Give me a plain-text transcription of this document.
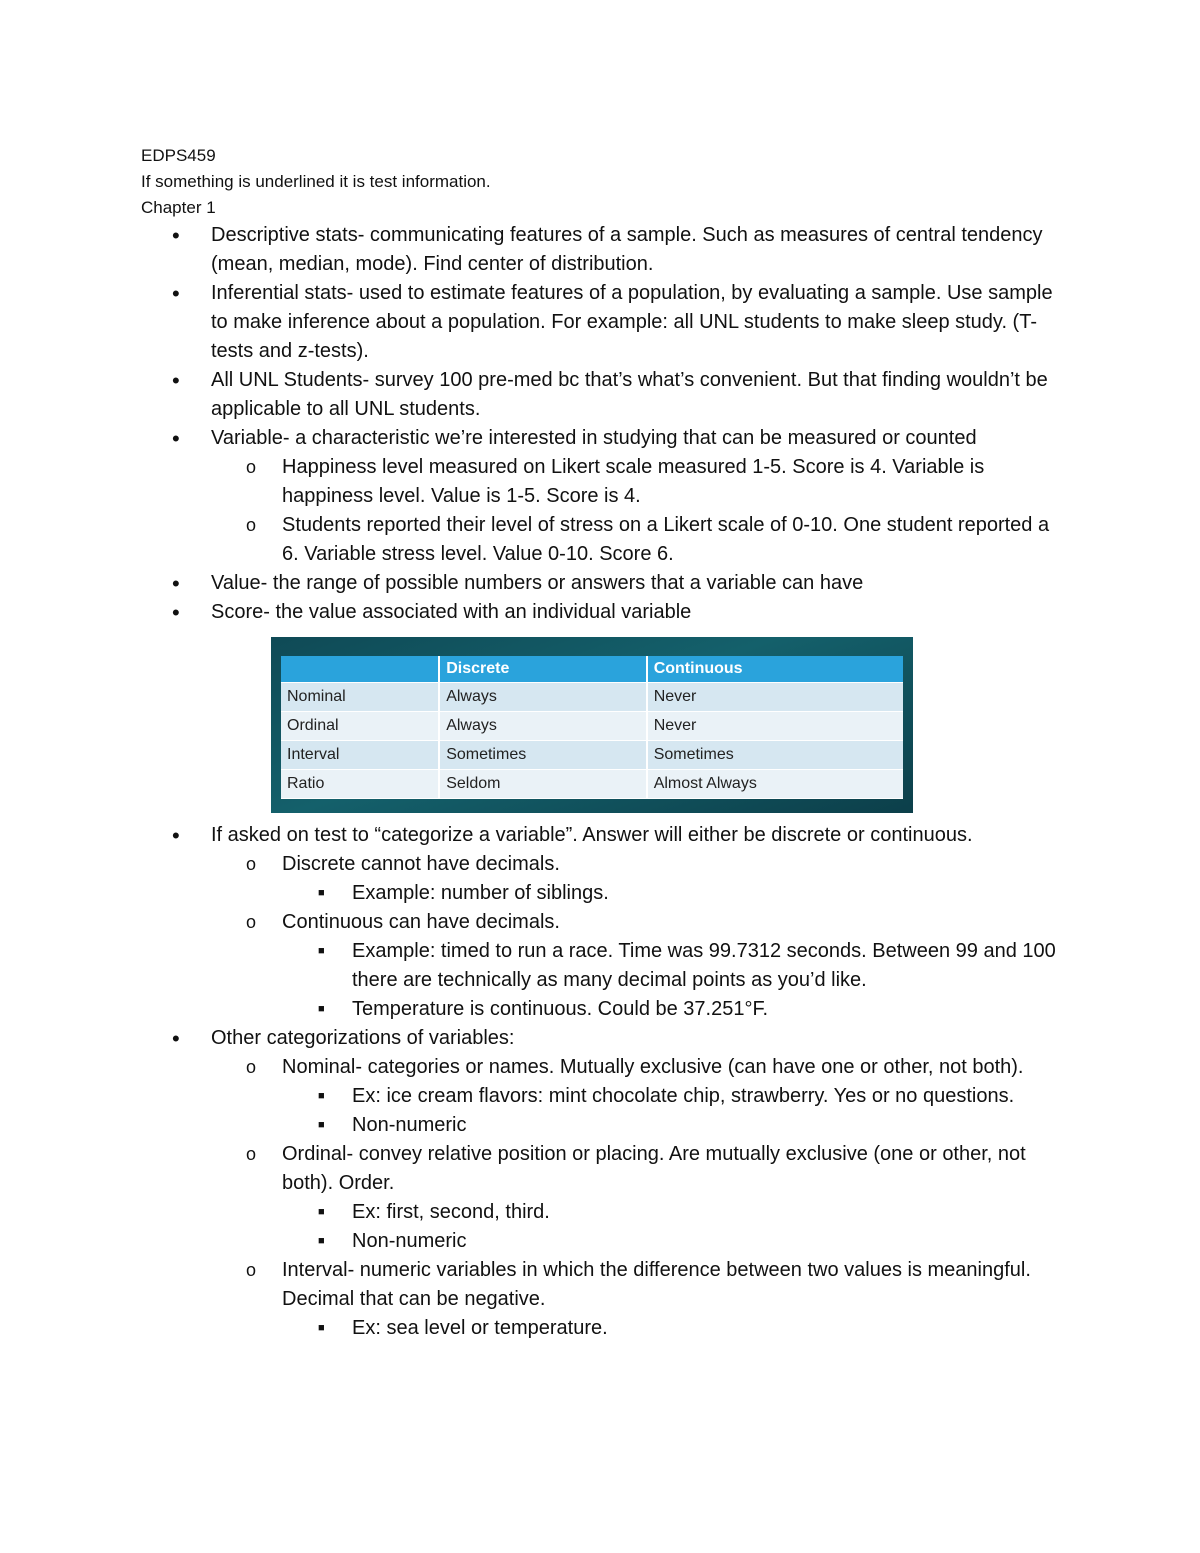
EDPS459

If something is underlined it is test information.

Chapter 1

• Descriptive stats- communicating features of a sample. Such as measures of central tendency (mean, median, mode). Find center of distribution.
• Inferential stats- used to estimate features of a population, by evaluating a sample. Use sample to make inference about a population. For example: all UNL students to make sleep study. (T-tests and z-tests).
• All UNL Students- survey 100 pre-med bc that’s what’s convenient. But that finding wouldn’t be applicable to all UNL students.
• Variable- a characteristic we’re interested in studying that can be measured or counted
o Happiness level measured on Likert scale measured 1-5. Score is 4. Variable is happiness level. Value is 1-5. Score is 4.
o Students reported their level of stress on a Likert scale of 0-10. One student reported a 6. Variable stress level. Value 0-10. Score 6.
• Value- the range of possible numbers or answers that a variable can have
• Score- the value associated with an individual variable
	Discrete	Continuous
Nominal	Always	Never
Ordinal	Always	Never
Interval	Sometimes	Sometimes
Ratio	Seldom	Almost Always
• If asked on test to “categorize a variable”. Answer will either be discrete or continuous.
o Discrete cannot have decimals.
■ Example: number of siblings.
o Continuous can have decimals.
■ Example: timed to run a race. Time was 99.7312 seconds. Between 99 and 100 there are technically as many decimal points as you’d like.
■ Temperature is continuous. Could be 37.251°F.
• Other categorizations of variables:
o Nominal- categories or names. Mutually exclusive (can have one or other, not both).
■ Ex: ice cream flavors: mint chocolate chip, strawberry. Yes or no questions.
■ Non-numeric
o Ordinal- convey relative position or placing. Are mutually exclusive (one or other, not both). Order.
■ Ex: first, second, third.
■ Non-numeric
o Interval- numeric variables in which the difference between two values is meaningful. Decimal that can be negative.
■ Ex: sea level or temperature.
